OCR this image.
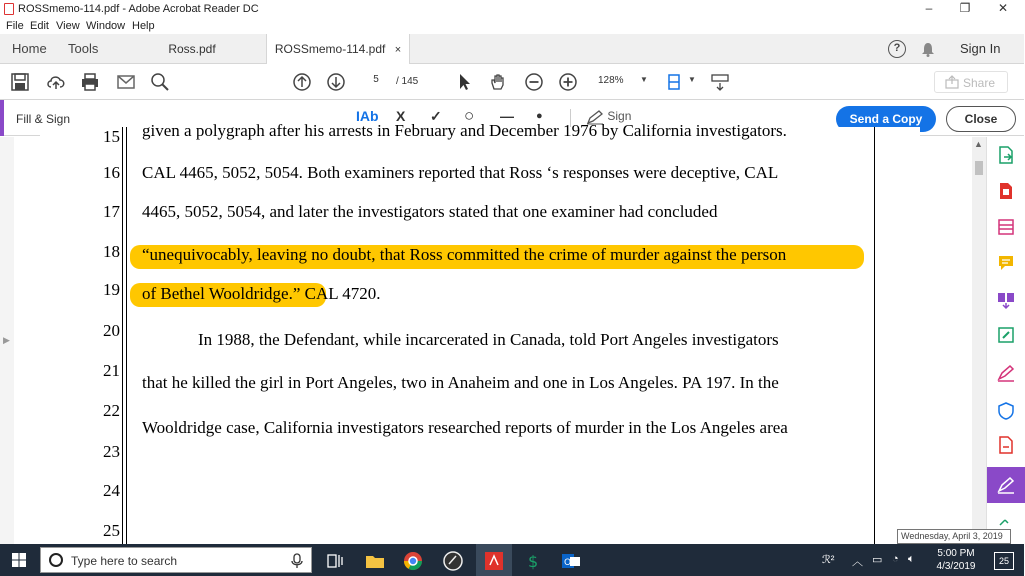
ROSSmemo-114.pdf - Adobe Acrobat Reader DC	–	❐	✕
File Edit View Window Help
Home Tools	Ross.pdf	ROSSmemo-114.pdf ×	?	Sign In
5	/ 145	128% ▼	▼	Share
Fill & Sign	IAb X ✓ ○ — ●	Sign	Send a Copy	Close
▶
15
16
17
18
19
20
21
22
23
24
25
given a polygraph after his arrests in February and December 1976 by California investigators.
CAL 4465, 5052, 5054. Both examiners reported that Ross ‘s responses were deceptive, CAL
4465, 5052, 5054, and later the investigators stated that one examiner had concluded
“unequivocably, leaving no doubt, that Ross committed the crime of murder against the person
of Bethel Wooldridge.” CAL 4720.
In 1988, the Defendant, while incarcerated in Canada, told Port Angeles investigators
that he killed the girl in Port Angeles, two in Anaheim and one in Los Angeles. PA 197. In the
Wooldridge case, California investigators researched reports of murder in the Los Angeles area
▲
Wednesday, April 3, 2019
Type here to search	$	O	ℛ² ︿ ▭ ◔ 🔈︎	5:00 PM
4/3/2019	25
